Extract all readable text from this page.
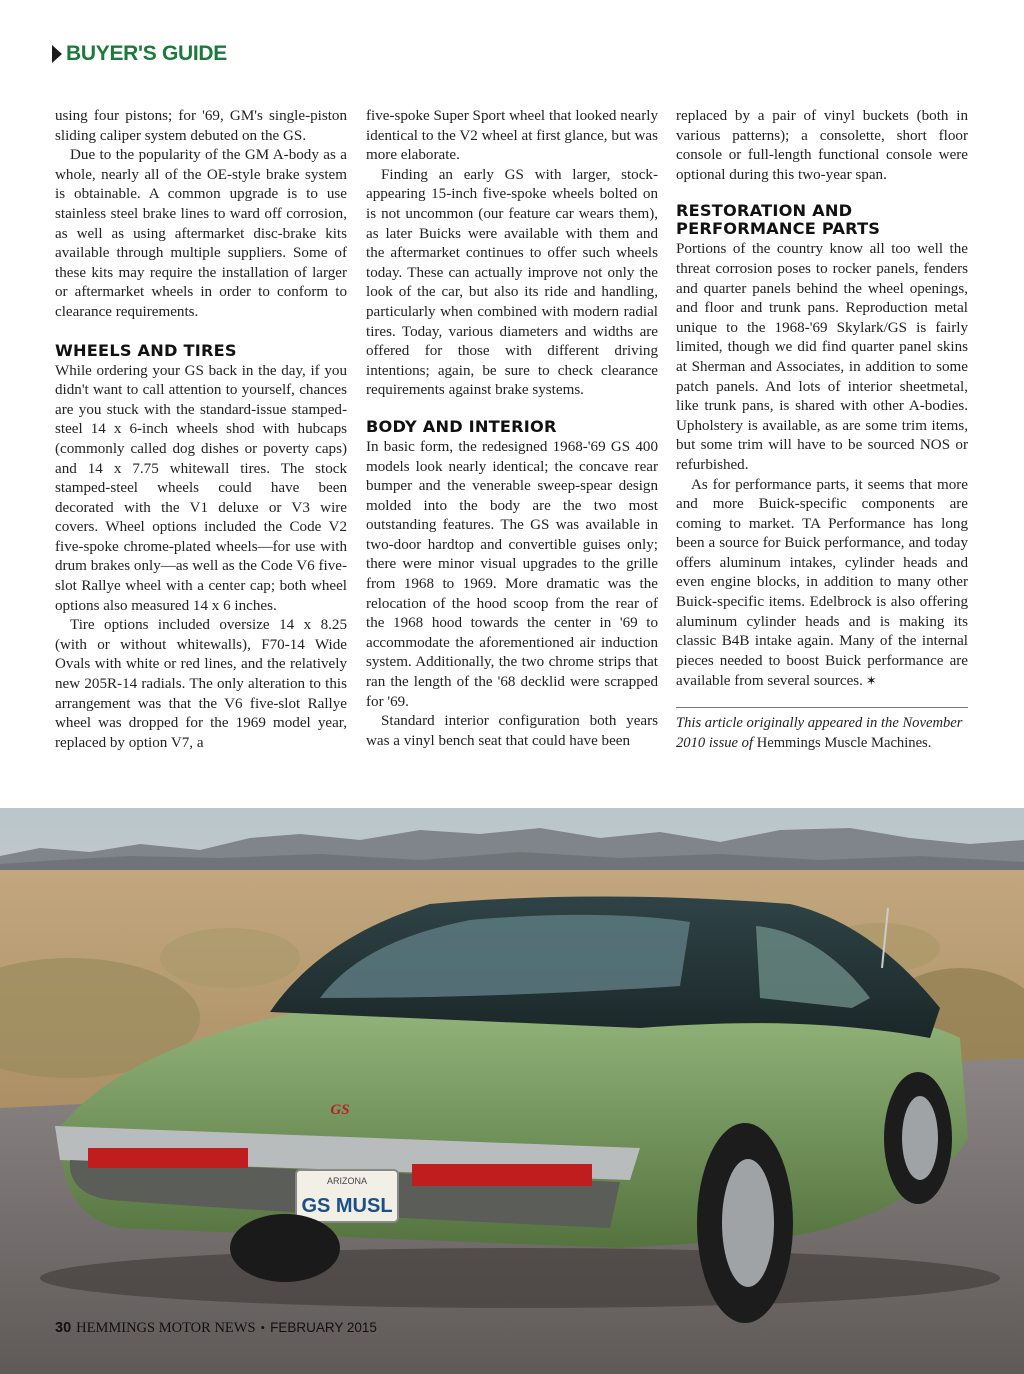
BUYER'S GUIDE

using four pistons; for '69, GM's single-piston sliding caliper system debuted on the GS.

Due to the popularity of the GM A-body as a whole, nearly all of the OE-style brake system is obtainable. A common upgrade is to use stainless steel brake lines to ward off corrosion, as well as using aftermarket disc-brake kits available through multiple suppliers. Some of these kits may require the installation of larger or aftermarket wheels in order to conform to clearance requirements.

WHEELS AND TIRES

While ordering your GS back in the day, if you didn't want to call attention to yourself, chances are you stuck with the standard-issue stamped-steel 14 x 6-inch wheels shod with hubcaps (commonly called dog dishes or poverty caps) and 14 x 7.75 whitewall tires. The stock stamped-steel wheels could have been decorated with the V1 deluxe or V3 wire covers. Wheel options included the Code V2 five-spoke chrome-plated wheels—for use with drum brakes only—as well as the Code V6 five-slot Rallye wheel with a center cap; both wheel options also measured 14 x 6 inches.

Tire options included oversize 14 x 8.25 (with or without whitewalls), F70-14 Wide Ovals with white or red lines, and the relatively new 205R-14 radials. The only alteration to this arrangement was that the V6 five-slot Rallye wheel was dropped for the 1969 model year, replaced by option V7, a

five-spoke Super Sport wheel that looked nearly identical to the V2 wheel at first glance, but was more elaborate.

Finding an early GS with larger, stock-appearing 15-inch five-spoke wheels bolted on is not uncommon (our feature car wears them), as later Buicks were available with them and the aftermarket continues to offer such wheels today. These can actually improve not only the look of the car, but also its ride and handling, particularly when combined with modern radial tires. Today, various diameters and widths are offered for those with different driving intentions; again, be sure to check clearance requirements against brake systems.

BODY AND INTERIOR

In basic form, the redesigned 1968-'69 GS 400 models look nearly identical; the concave rear bumper and the venerable sweep-spear design molded into the body are the two most outstanding features. The GS was available in two-door hardtop and convertible guises only; there were minor visual upgrades to the grille from 1968 to 1969. More dramatic was the relocation of the hood scoop from the rear of the 1968 hood towards the center in '69 to accommodate the aforementioned air induction system. Additionally, the two chrome strips that ran the length of the '68 decklid were scrapped for '69.

Standard interior configuration both years was a vinyl bench seat that could have been

replaced by a pair of vinyl buckets (both in various patterns); a consolette, short floor console or full-length functional console were optional during this two-year span.

RESTORATION AND PERFORMANCE PARTS

Portions of the country know all too well the threat corrosion poses to rocker panels, fenders and quarter panels behind the wheel openings, and floor and trunk pans. Reproduction metal unique to the 1968-'69 Skylark/GS is fairly limited, though we did find quarter panel skins at Sherman and Associates, in addition to some patch panels. And lots of interior sheetmetal, like trunk pans, is shared with other A-bodies. Upholstery is available, as are some trim items, but some trim will have to be sourced NOS or refurbished.

As for performance parts, it seems that more and more Buick-specific components are coming to market. TA Performance has long been a source for Buick performance, and today offers aluminum intakes, cylinder heads and even engine blocks, in addition to many other Buick-specific items. Edelbrock is also offering aluminum cylinder heads and is making its classic B4B intake again. Many of the internal pieces needed to boost Buick performance are available from several sources. ✶

This article originally appeared in the November 2010 issue of Hemmings Muscle Machines.
ARIZONA
GS MUSL
GS
30 HEMMINGS MOTOR NEWS • FEBRUARY 2015
